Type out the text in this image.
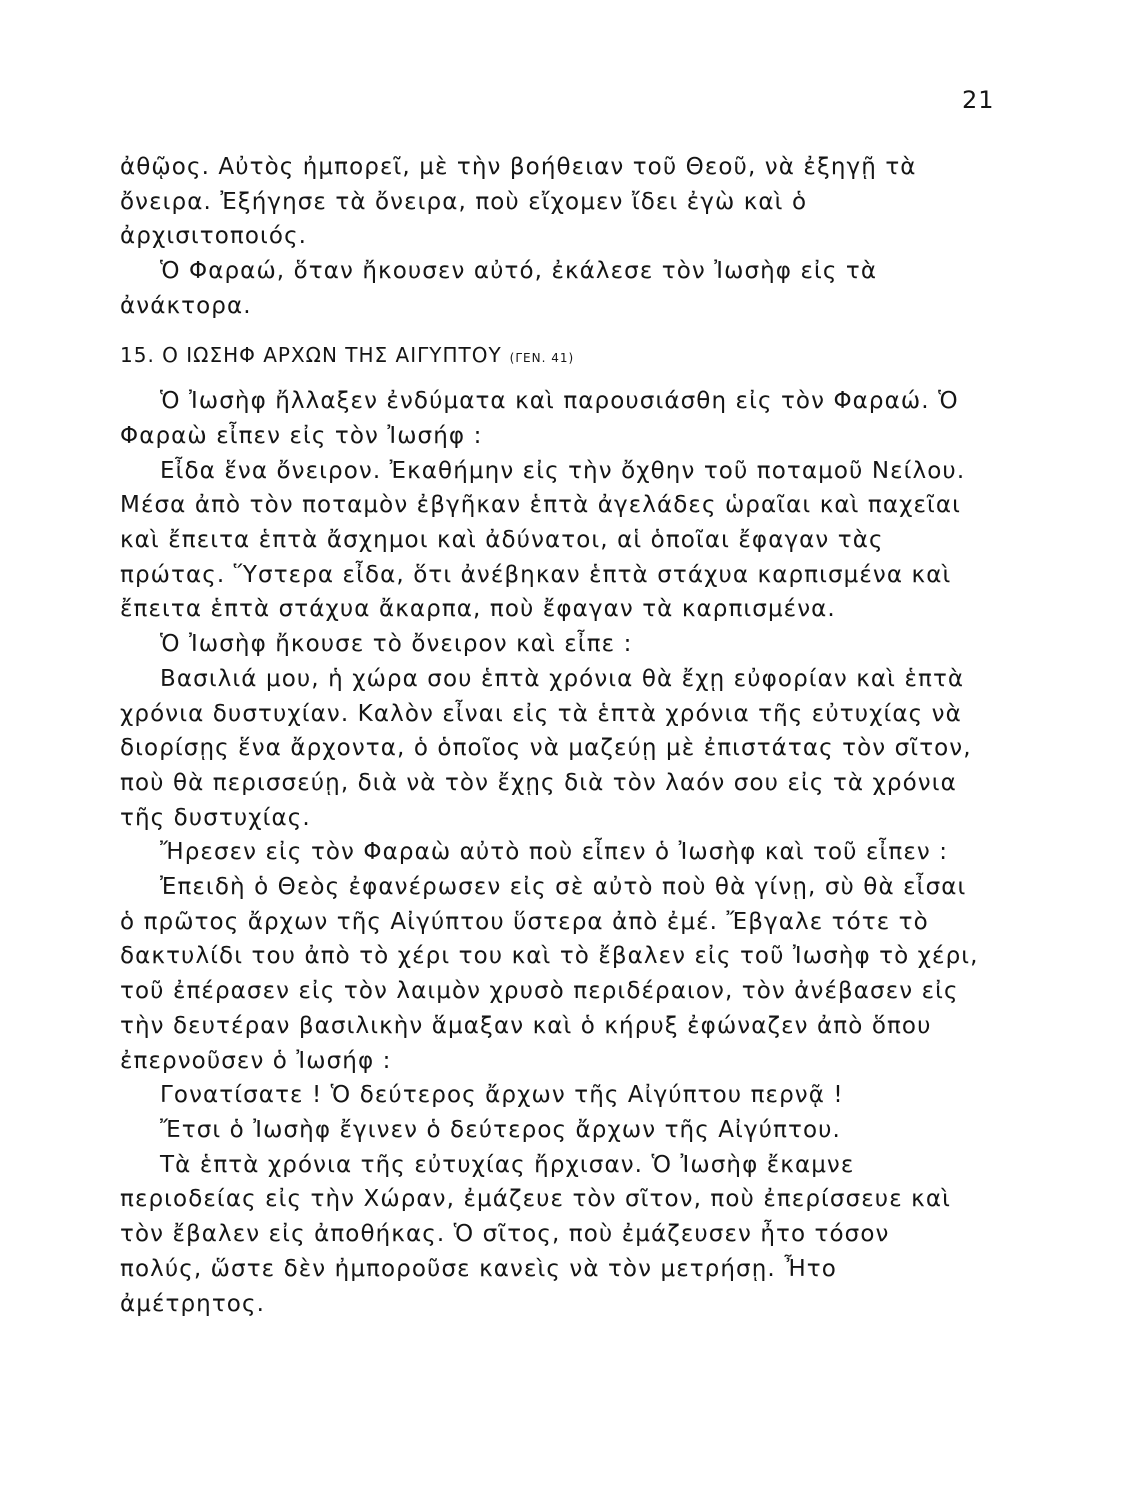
21

ἀθῷος. Αὐτὸς ἠμπορεῖ, μὲ τὴν βοήθειαν τοῦ Θεοῦ, νὰ ἐξηγῇ τὰ ὄνειρα. Ἐξήγησε τὰ ὄνειρα, ποὺ εἴχομεν ἴδει ἐγὼ καὶ ὁ ἀρχισιτοποιός.

Ὁ Φαραώ, ὅταν ἤκουσεν αὐτό, ἐκάλεσε τὸν Ἰωσὴφ εἰς τὰ ἀνάκτορα.

15. Ο ΙΩΣΗΦ ΑΡΧΩΝ ΤΗΣ ΑΙΓΥΠΤΟΥ (ΓΕΝ. 41)

Ὁ Ἰωσὴφ ἤλλαξεν ἐνδύματα καὶ παρουσιάσθη εἰς τὸν Φαραώ. Ὁ Φαραὼ εἶπεν εἰς τὸν Ἰωσήφ :

Εἶδα ἕνα ὄνειρον. Ἐκαθήμην εἰς τὴν ὄχθην τοῦ ποταμοῦ Νείλου. Μέσα ἀπὸ τὸν ποταμὸν ἐβγῆκαν ἑπτὰ ἀγελάδες ὡραῖαι καὶ παχεῖαι καὶ ἔπειτα ἑπτὰ ἄσχημοι καὶ ἀδύνατοι, αἱ ὁποῖαι ἔφαγαν τὰς πρώτας. Ὕστερα εἶδα, ὅτι ἀνέβηκαν ἑπτὰ στάχυα καρπισμένα καὶ ἔπειτα ἑπτὰ στάχυα ἄκαρπα, ποὺ ἔφαγαν τὰ καρπισμένα.

Ὁ Ἰωσὴφ ἤκουσε τὸ ὄνειρον καὶ εἶπε :

Βασιλιά μου, ἡ χώρα σου ἑπτὰ χρόνια θὰ ἔχῃ εὐφορίαν καὶ ἑπτὰ χρόνια δυστυχίαν. Καλὸν εἶναι εἰς τὰ ἑπτὰ χρόνια τῆς εὐτυχίας νὰ διορίσῃς ἕνα ἄρχοντα, ὁ ὁποῖος νὰ μαζεύῃ μὲ ἐπιστάτας τὸν σῖτον, ποὺ θὰ περισσεύῃ, διὰ νὰ τὸν ἔχῃς διὰ τὸν λαόν σου εἰς τὰ χρόνια τῆς δυστυχίας.

Ἤρεσεν εἰς τὸν Φαραὼ αὐτὸ ποὺ εἶπεν ὁ Ἰωσὴφ καὶ τοῦ εἶπεν :

Ἐπειδὴ ὁ Θεὸς ἐφανέρωσεν εἰς σὲ αὐτὸ ποὺ θὰ γίνῃ, σὺ θὰ εἶσαι ὁ πρῶτος ἄρχων τῆς Αἰγύπτου ὕστερα ἀπὸ ἐμέ. Ἔβγαλε τότε τὸ δακτυλίδι του ἀπὸ τὸ χέρι του καὶ τὸ ἔβαλεν εἰς τοῦ Ἰωσὴφ τὸ χέρι, τοῦ ἐπέρασεν εἰς τὸν λαιμὸν χρυσὸ περιδέραιον, τὸν ἀνέβασεν εἰς τὴν δευτέραν βασιλικὴν ἅμαξαν καὶ ὁ κήρυξ ἐφώναζεν ἀπὸ ὅπου ἐπερνοῦσεν ὁ Ἰωσήφ :

Γονατίσατε ! Ὁ δεύτερος ἄρχων τῆς Αἰγύπτου περνᾷ !

Ἔτσι ὁ Ἰωσὴφ ἔγινεν ὁ δεύτερος ἄρχων τῆς Αἰγύπτου.

Τὰ ἑπτὰ χρόνια τῆς εὐτυχίας ἤρχισαν. Ὁ Ἰωσὴφ ἔκαμνε περιοδείας εἰς τὴν Χώραν, ἐμάζευε τὸν σῖτον, ποὺ ἐπερίσσευε καὶ τὸν ἔβαλεν εἰς ἀποθήκας. Ὁ σῖτος, ποὺ ἐμάζευσεν ἦτο τόσον πολύς, ὥστε δὲν ἠμποροῦσε κανεὶς νὰ τὸν μετρήσῃ. Ἦτο ἀμέτρητος.
